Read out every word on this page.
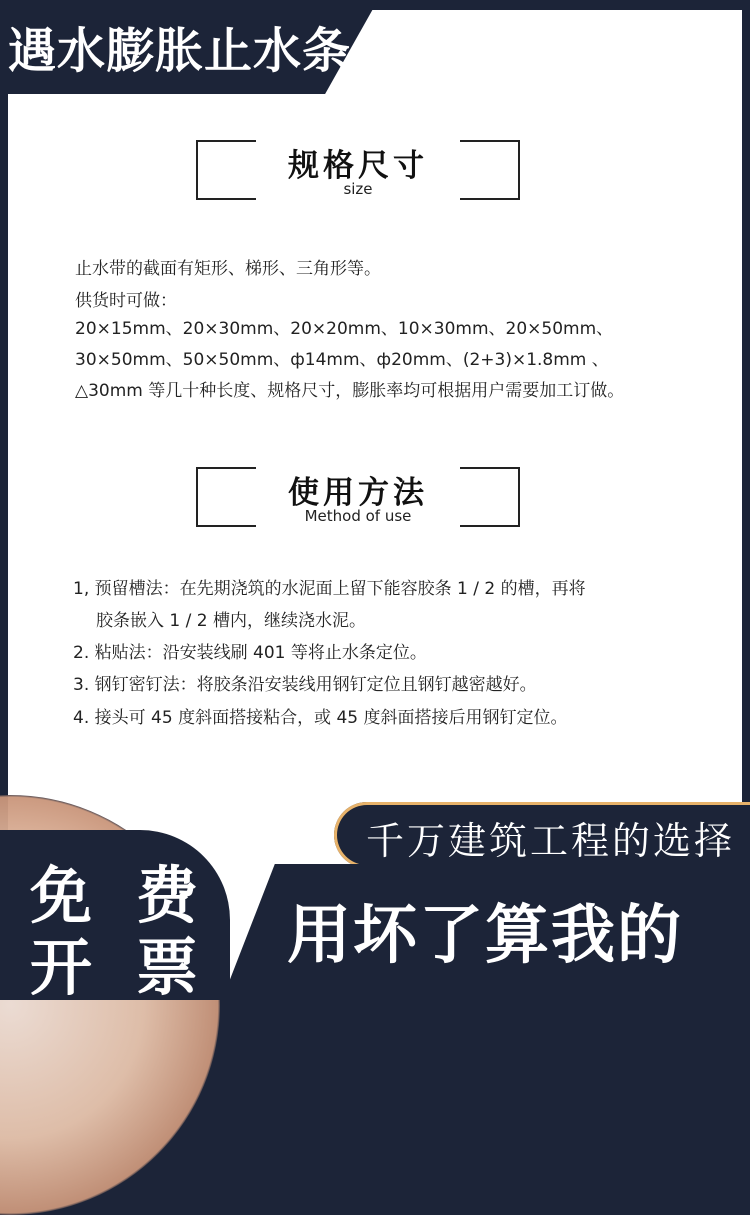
遇水膨胀止水条
规格尺寸
size
止水带的截面有矩形、梯形、三角形等。
供货时可做：
20×15mm、20×30mm、20×20mm、10×30mm、20×50mm、
30×50mm、50×50mm、ф14mm、ф20mm、(2+3)×1.8mm 、
△30mm 等几十种长度、规格尺寸，膨胀率均可根据用户需要加工订做。
使用方法
Method of use
1, 预留槽法：在先期浇筑的水泥面上留下能容胶条 1 / 2 的槽，再将
胶条嵌入 1 / 2 槽内，继续浇水泥。
2. 粘贴法：沿安装线刷 401 等将止水条定位。
3. 钢钉密钉法：将胶条沿安装线用钢钉定位且钢钉越密越好。
4. 接头可 45 度斜面搭接粘合，或 45 度斜面搭接后用钢钉定位。
千万建筑工程的选择
用坏了算我的
免费
开票
